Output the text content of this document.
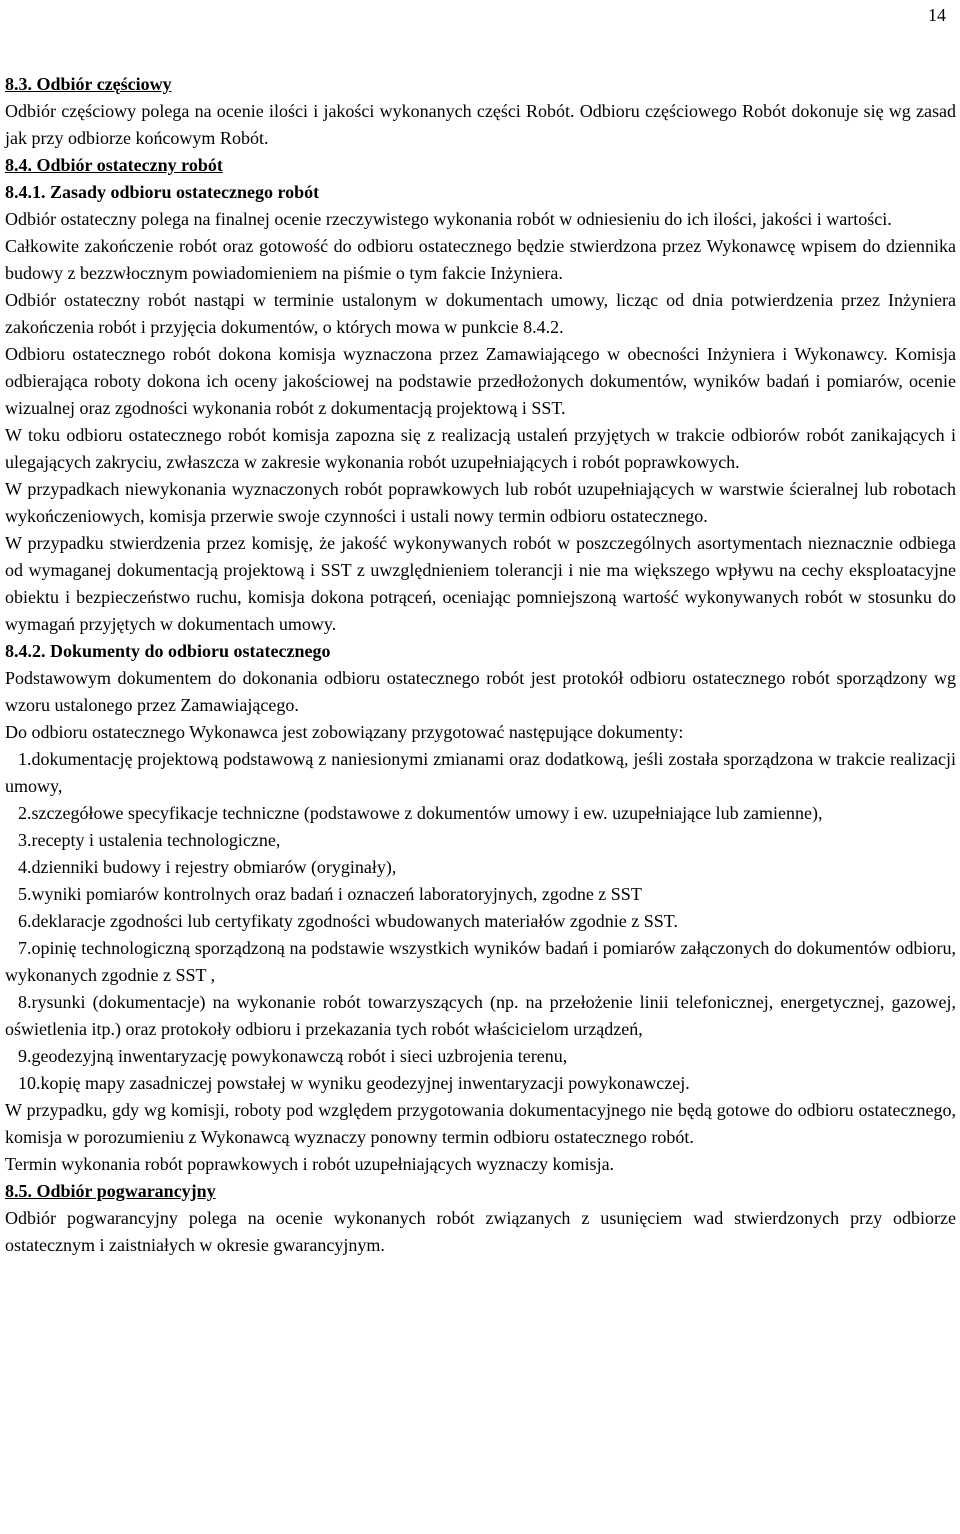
14

8.3. Odbiór częściowy

Odbiór częściowy polega na ocenie ilości i jakości wykonanych części Robót. Odbioru częściowego Robót dokonuje się wg zasad jak przy odbiorze końcowym Robót.

8.4. Odbiór ostateczny robót

8.4.1. Zasady odbioru ostatecznego robót

Odbiór ostateczny polega na finalnej ocenie rzeczywistego wykonania robót w odniesieniu do ich ilości, jakości i wartości.

Całkowite zakończenie robót oraz gotowość do odbioru ostatecznego będzie stwierdzona przez Wykonawcę wpisem do dziennika budowy z bezzwłocznym powiadomieniem na piśmie o tym fakcie Inżyniera.

Odbiór ostateczny robót nastąpi w terminie ustalonym w dokumentach umowy, licząc od dnia potwierdzenia przez Inżyniera zakończenia robót i przyjęcia dokumentów, o których mowa w punkcie 8.4.2.

Odbioru ostatecznego robót dokona komisja wyznaczona przez Zamawiającego w obecności Inżyniera i Wykonawcy. Komisja odbierająca roboty dokona ich oceny jakościowej na podstawie przedłożonych dokumentów, wyników badań i pomiarów, ocenie wizualnej oraz zgodności wykonania robót z dokumentacją projektową i SST.

W toku odbioru ostatecznego robót komisja zapozna się z realizacją ustaleń przyjętych w trakcie odbiorów robót zanikających i ulegających zakryciu, zwłaszcza w zakresie wykonania robót uzupełniających i robót poprawkowych.

W przypadkach niewykonania wyznaczonych robót poprawkowych lub robót uzupełniających w warstwie ścieralnej lub robotach wykończeniowych, komisja przerwie swoje czynności i ustali nowy termin odbioru ostatecznego.

W przypadku stwierdzenia przez komisję, że jakość wykonywanych robót w poszczególnych asortymentach nieznacznie odbiega od wymaganej dokumentacją projektową i SST z uwzględnieniem tolerancji i nie ma większego wpływu na cechy eksploatacyjne obiektu i bezpieczeństwo ruchu, komisja dokona potrąceń, oceniając pomniejszoną wartość wykonywanych robót w stosunku do wymagań przyjętych w dokumentach umowy.

8.4.2. Dokumenty do odbioru ostatecznego

Podstawowym dokumentem do dokonania odbioru ostatecznego robót jest protokół odbioru ostatecznego robót sporządzony wg wzoru ustalonego przez Zamawiającego.

Do odbioru ostatecznego Wykonawca jest zobowiązany przygotować następujące dokumenty:

1.dokumentację projektową podstawową z naniesionymi zmianami oraz dodatkową, jeśli została sporządzona w trakcie realizacji umowy,

2.szczegółowe specyfikacje techniczne (podstawowe z dokumentów umowy i ew. uzupełniające lub zamienne),

3.recepty i ustalenia technologiczne,

4.dzienniki budowy i rejestry obmiarów (oryginały),

5.wyniki pomiarów kontrolnych oraz badań i oznaczeń laboratoryjnych, zgodne z SST

6.deklaracje zgodności lub certyfikaty zgodności wbudowanych materiałów zgodnie z SST.

7.opinię technologiczną sporządzoną na podstawie wszystkich wyników badań i pomiarów załączonych do dokumentów odbioru, wykonanych zgodnie z SST ,

8.rysunki (dokumentacje) na wykonanie robót towarzyszących (np. na przełożenie linii telefonicznej, energetycznej, gazowej, oświetlenia itp.) oraz protokoły odbioru i przekazania tych robót właścicielom urządzeń,

9.geodezyjną inwentaryzację powykonawczą robót i sieci uzbrojenia terenu,

10.kopię mapy zasadniczej powstałej w wyniku geodezyjnej inwentaryzacji powykonawczej.

W przypadku, gdy wg komisji, roboty pod względem przygotowania dokumentacyjnego nie będą gotowe do odbioru ostatecznego, komisja w porozumieniu z Wykonawcą wyznaczy ponowny termin odbioru ostatecznego robót.

Termin wykonania robót poprawkowych i robót uzupełniających wyznaczy komisja.

8.5. Odbiór pogwarancyjny

Odbiór pogwarancyjny polega na ocenie wykonanych robót związanych z usunięciem wad stwierdzonych przy odbiorze ostatecznym i zaistniałych w okresie gwarancyjnym.
